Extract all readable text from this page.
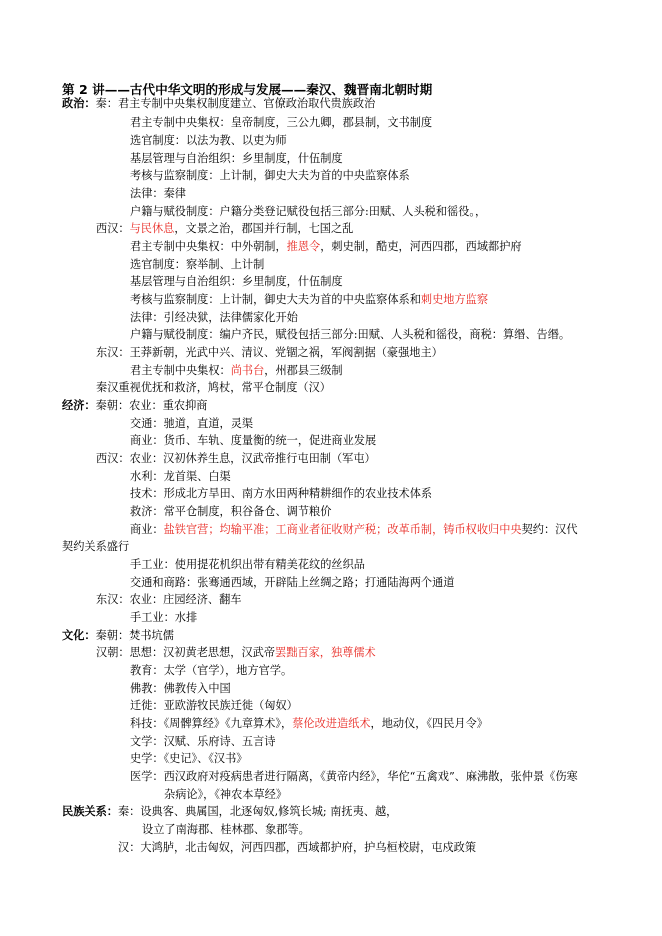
第 2 讲——古代中华文明的形成与发展——秦汉、魏晋南北朝时期
政治：秦：君主专制中央集权制度建立、官僚政治取代贵族政治
君主专制中央集权：皇帝制度，三公九卿，郡县制，文书制度
选官制度：以法为教、以吏为师
基层管理与自治组织：乡里制度，什伍制度
考核与监察制度：上计制，御史大夫为首的中央监察体系
法律：秦律
户籍与赋役制度：户籍分类登记赋役包括三部分:田赋、人头税和徭役。，
西汉：与民休息，文景之治，郡国并行制，七国之乱
君主专制中央集权：中外朝制，推恩令，刺史制，酷吏，河西四郡，西域都护府
选官制度：察举制、上计制
基层管理与自治组织：乡里制度，什伍制度
考核与监察制度：上计制，御史大夫为首的中央监察体系和刺史地方监察
法律：引经决狱，法律儒家化开始
户籍与赋役制度：编户齐民，赋役包括三部分:田赋、人头税和徭役，商税：算缗、告缗。
东汉：王莽新朝，光武中兴、清议、党锢之祸，军阀割据（豪强地主）
君主专制中央集权：尚书台，州郡县三级制
秦汉重视优抚和救济，鸠杖，常平仓制度（汉）
经济：秦朝：农业：重农抑商
交通：驰道，直道，灵渠
商业：货币、车轨、度量衡的统一，促进商业发展
西汉：农业：汉初休养生息，汉武帝推行屯田制（军屯）
水利：龙首渠、白渠
技术：形成北方旱田、南方水田两种精耕细作的农业技术体系
救济：常平仓制度，积谷备仓、调节粮价
商业：盐铁官营；均输平准；工商业者征收财产税；改革币制，铸币权收归中央契约：汉代
契约关系盛行
手工业：使用提花机织出带有精美花纹的丝织品
交通和商路：张骞通西域，开辟陆上丝绸之路；打通陆海两个通道
东汉：农业：庄园经济、翻车
手工业：水排
文化：秦朝：焚书坑儒
汉朝：思想：汉初黄老思想，汉武帝罢黜百家，独尊儒术
教育：太学（官学），地方官学。
佛教：佛教传入中国
迁徙：亚欧游牧民族迁徙（匈奴）
科技：《周髀算经》《九章算术》，蔡伦改进造纸术，地动仪，《四民月令》
文学：汉赋、乐府诗、五言诗
史学：《史记》、《汉书》
医学：西汉政府对疫病患者进行隔离，《黄帝内经》，华佗“五禽戏”、麻沸散，张仲景《伤寒
杂病论》，《神农本草经》
民族关系：秦：设典客、典属国，北逐匈奴,修筑长城; 南抚夷、越，
设立了南海郡、桂林郡、象郡等。
汉：大鸿胪，北击匈奴，河西四郡，西域都护府，护乌桓校尉，屯戍政策
